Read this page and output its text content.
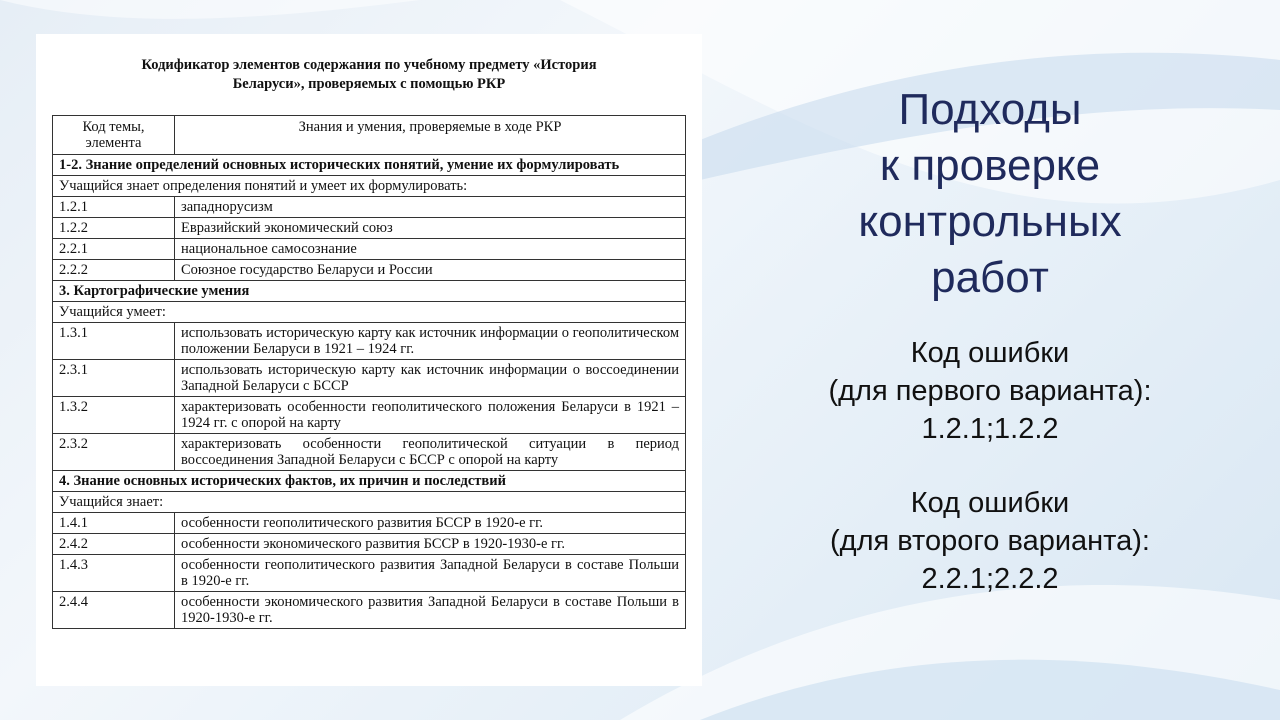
Кодификатор элементов содержания по учебному предмету «История
Беларуси», проверяемых с помощью РКР
Код темы, элемента	Знания и умения, проверяемые в ходе РКР
1-2. Знание определений основных исторических понятий, умение их формулировать	
Учащийся знает определения понятий и умеет их формулировать:	
1.2.1	западнорусизм
1.2.2	Евразийский экономический союз
2.2.1	национальное самосознание
2.2.2	Союзное государство Беларуси и России
3. Картографические умения	
Учащийся умеет:	
1.3.1	использовать историческую карту как источник информации о геополитическом положении Беларуси в 1921 – 1924 гг.
2.3.1	использовать историческую карту как источник информации о воссоединении Западной Беларуси с БССР
1.3.2	характеризовать особенности геополитического положения Беларуси в 1921 – 1924 гг. с опорой на карту
2.3.2	характеризовать особенности геополитической ситуации в период воссоединения Западной Беларуси с БССР с опорой на карту
4. Знание основных исторических фактов, их причин и последствий	
Учащийся знает:	
1.4.1	особенности геополитического развития БССР в 1920-е гг.
2.4.2	особенности экономического развития БССР в 1920-1930-е гг.
1.4.3	особенности геополитического развития Западной Беларуси в составе Польши в 1920-е гг.
2.4.4	особенности экономического развития Западной Беларуси в составе Польши в 1920-1930-е гг.
Подходы
к проверке
контрольных
работ
Код ошибки
(для первого варианта):
1.2.1;1.2.2
Код ошибки
(для второго варианта):
2.2.1;2.2.2
